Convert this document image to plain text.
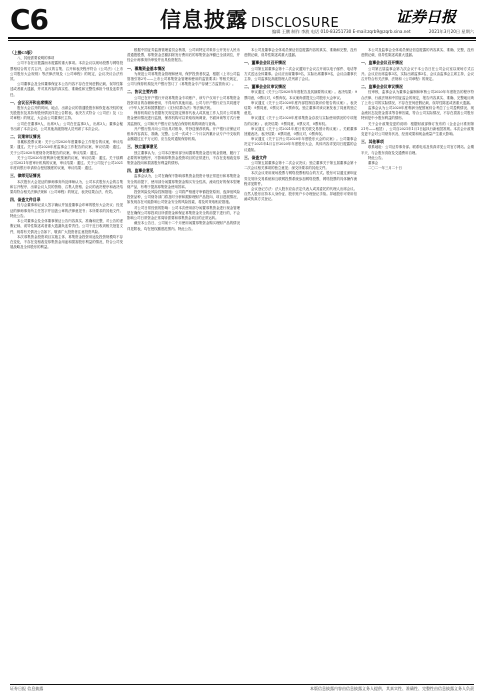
C6	信息披露 DISCLOSURE	证券日报
编辑 王鹏 制作 李波 电话 010-83251730 E-mail:zqrb9@zqrb.sina.net	2021年3月20日 星期六

（上接C5版）

八、其他需要说明的事项

公司不存在应披露而未披露的重大事项。本次会议以现场投票与网络投票相结合的方式召开，会议的召集、召开和表决程序符合《公司法》《上市公司股东大会规则》等法律法规及《公司章程》的规定，会议决议合法有效。

公司董事会及全体董事保证本公告内容不存在任何虚假记载、误导性陈述或者重大遗漏，并对其内容的真实性、准确性和完整性承担个别及连带责任。

一、会议召开和出席情况

股东大会召开的时间、地点、出席会议的普通股股东和恢复表决权的优先股股东及其持有股份情况详见公告附表。表决方式符合《公司法》及《公司章程》的规定，大会由公司董事长主持。

公司在任董事9人，出席9人；公司在任监事3人，出席3人；董事会秘书出席了本次会议，公司其他高级管理人员列席了本次会议。

二、议案审议情况

非累积投票议案：关于公司2020年度董事会工作报告的议案，审议结果：通过。关于公司2020年度监事会工作报告的议案，审议结果：通过。关于公司2020年度财务决算报告的议案，审议结果：通过。

关于公司2020年度利润分配预案的议案，审议结果：通过。关于续聘公司2021年度审计机构的议案，审议结果：通过。关于公司及子公司2021年度向银行申请综合授信额度的议案，审议结果：通过。

三、律师见证情况

本次股东大会见证的律师事务所及律师认为，公司本次股东大会的召集和召开程序、出席会议人员的资格、召集人资格、会议的表决程序和表决结果均符合相关法律法规和《公司章程》的规定，表决结果合法、有效。

四、备查文件目录

经与会董事和记录人签字确认并加盖董事会印章的股东大会决议；经见证的律师事务所主任签字并加盖公章的法律意见书；本所要求的其他文件。特此公告。

本公司董事会及全体董事保证公告内容真实、准确和完整，对公告的虚假记载、误导性陈述或者重大遗漏负连带责任。公司于近日收到相关批复文件，现将有关情况公告如下，敬请广大投资者注意投资风险。

本次募集资金投资项目实施主体、募集资金投资用途及投资规模均不存在变化，不存在变相改变募集资金用途和损害股东利益的情况，符合公司发展战略及全体股东的利益。

根据中国证券监督管理委员会核准，公司向特定对象非公开发行人民币普通股股票，募集资金总额扣除发行费用后的募集资金净额已全部到位，并经会计师事务所审验并出具验资报告。

一、募集资金基本情况

为规范公司募集资金管理和使用，保护投资者权益，根据《上市公司监管指引第2号——上市公司募集资金管理和使用的监管要求》等相关规定，公司与保荐机构及开户银行签订了《募集资金专户存储三方监管协议》。

二、协议主要内容

公司已在开户银行开设募集资金专项账户，该专户仅用于公司募集资金投资项目的存储和使用，不得用作其他用途。公司与开户银行应当共同遵守《中华人民共和国票据法》《支付结算办法》等法律法规。

保荐机构应当依据有关规定指定保荐代表人或其他工作人员对公司募集资金使用情况进行监督，保荐机构可以采取现场调查、书面问询等方式行使其监督权，公司和开户银行应当配合保荐机构的调查与查询。

开户银行按月向公司出具对账单，并抄送保荐机构。开户银行应保证对账单内容真实、准确、完整。公司一次或十二个月以内累计从专户中支取的金额超过五千万元的，应当及时通知保荐机构。

三、独立董事意见

独立董事认为，公司本次使用部分闲置募集资金进行现金管理，履行了必要的审批程序，不影响募集资金投资项目的正常进行，不存在变相改变募集资金投向和损害股东利益的情形。

四、监事会意见

监事会认为，公司在确保不影响募集资金投资计划正常进行和募集资金安全的前提下，使用部分闲置募集资金购买安全性高、流动性好的保本型理财产品，有利于提高募集资金使用效率。

投资风险及风险控制措施：公司将严格遵守审慎投资原则，选择低风险投资品种，公司财务部门将及时分析和跟踪理财产品投向、项目进展情况，如发现存在可能影响公司资金安全的风险因素，将及时采取相应措施。

对公司日常经营的影响：公司本次使用部分闲置募集资金进行现金管理是在确保公司募投项目所需资金和保证募集资金安全的前提下进行的，不会影响公司日常资金正常周转需要和募集资金项目的正常运转。

截至本公告日，公司前十二个月使用闲置募集资金购买理财产品的情况详见附表，均在授权额度范围内。特此公告。

本公司及董事会全体成员保证信息披露内容的真实、准确和完整，没有虚假记载、误导性陈述或重大遗漏。

一、董事会会议召开情况

公司第五届董事会第十二次会议通知于会议召开前以电子邮件、电话等方式送达全体董事。会议应出席董事9名，实际出席董事9名，会议由董事长主持，公司监事及高级管理人员列席了会议。

二、董事会会议审议情况

审议通过《关于公司2020年年度报告及其摘要的议案》。表决结果：9票同意，0票反对，0票弃权。本议案尚需提交公司股东大会审议。

审议通过《关于公司2020年度内部控制自我评价报告的议案》。表决结果：9票同意，0票反对，0票弃权。独立董事对该议案发表了同意的独立意见。

审议通过《关于公司2020年度募集资金存放与实际使用情况的专项报告的议案》。表决结果：9票同意，0票反对，0票弃权。

审议通过《关于公司2021年度日常关联交易预计的议案》。关联董事回避表决。表决结果：6票同意，0票反对，0票弃权。

审议通过《关于召开公司2020年年度股东大会的议案》。公司董事会决定于2021年4月召开2020年年度股东大会，具体内容详见同日披露的会议通知。

三、备查文件

公司第五届董事会第十二次会议决议；独立董事关于第五届董事会第十二次会议相关事项的独立意见；深交所要求的其他文件。

本次会议采用现场投票与网络投票相结合的方式。股东可以通过深圳证券交易所交易系统和互联网投票系统参加网络投票，网络投票的具体操作流程详见附件。

会议登记方法：法人股东应由法定代表人或其委托的代理人出席会议。自然人股东应持本人身份证、股东账户卡办理登记手续。异地股东可采用信函或传真方式登记。

本公司及监事会全体成员保证信息披露的内容真实、准确、完整，没有虚假记载、误导性陈述或重大遗漏。

一、监事会会议召开情况

公司第五届监事会第九次会议于本公告日在公司会议室以现场方式召开。会议应出席监事3名，实际出席监事3名，会议由监事会主席主持，会议召开符合有关法律、法规和《公司章程》的规定。

二、监事会会议审议情况

经审核，监事会认为董事会编制和审核公司2020年年度报告的程序符合法律、行政法规和中国证监会的规定，报告内容真实、准确、完整地反映了上市公司的实际情况，不存在任何虚假记载、误导性陈述或者重大遗漏。

监事会认为公司2020年度利润分配预案综合考虑了公司盈利情况、现金流状态及资金需求等各种因素，符合公司实际情况，不存在损害公司股东特别是中小股东利益的情形。

关于会计政策变更的说明：根据财政部修订发布的《企业会计准则第21号——租赁》，公司自2021年1月1日起执行新租赁准则。本次会计政策变更不会对公司财务状况、经营成果和现金流量产生重大影响。

三、其他事项

联系地址：公司证券事务部。联系电话及传真详见公司官方网站。会期半天，与会股东食宿及交通费用自理。

特此公告。

董事会

二〇二一年三月二十日

证券日报 信息披露	本版信息披露内容由信息披露义务人提供，其真实性、准确性、完整性由信息披露义务人负责
